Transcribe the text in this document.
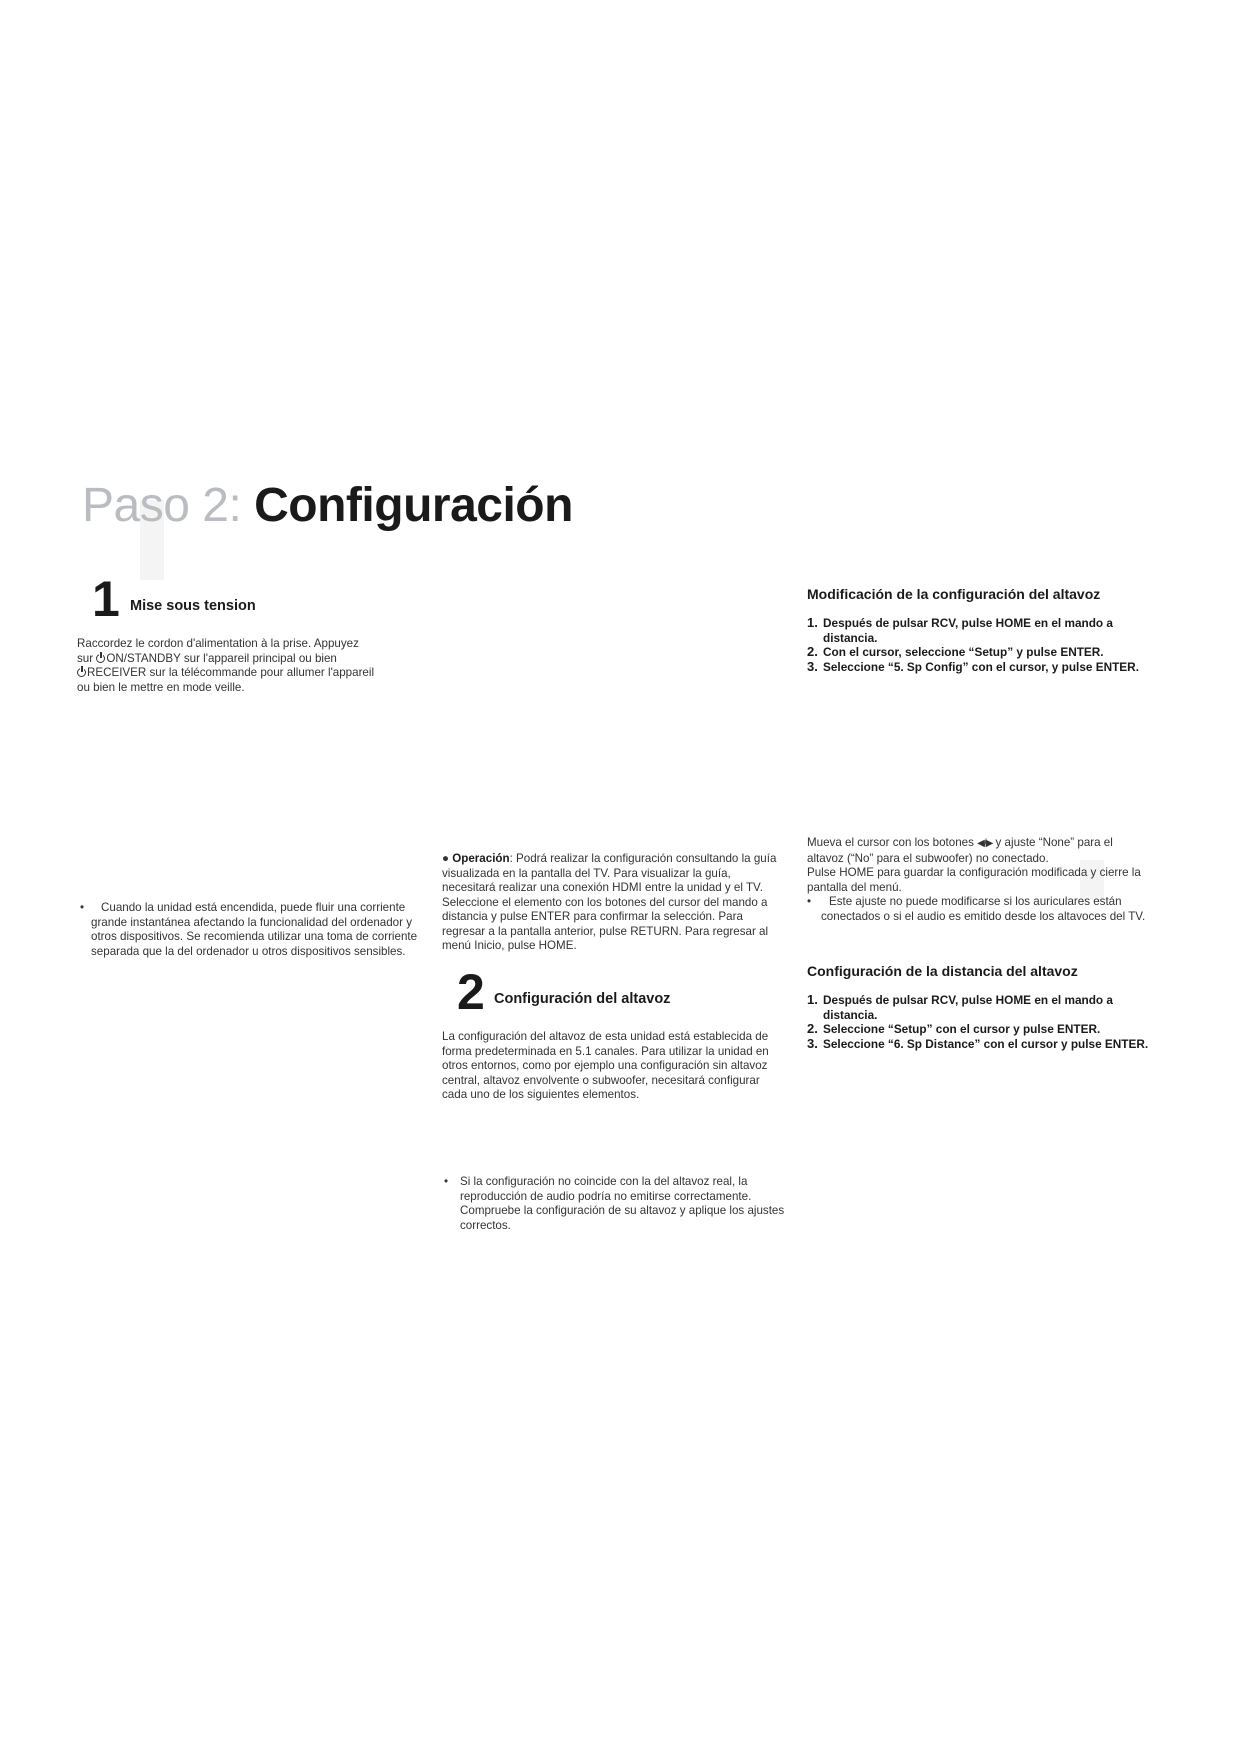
Paso 2: Configuración
1 Mise sous tension

Raccordez le cordon d'alimentation à la prise. Appuyez

sur ON/STANDBY sur l'appareil principal ou bien

RECEIVER sur la télécommande pour allumer l'appareil

ou bien le mettre en mode veille.

•	Cuando la unidad está encendida, puede fluir una corriente grande instantánea afectando la funcionalidad del ordenador y otros dispositivos. Se recomienda utilizar una toma de corriente separada que la del ordenador u otros dispositivos sensibles.
● Operación: Podrá realizar la configuración consultando la guía visualizada en la pantalla del TV. Para visualizar la guía, necesitará realizar una conexión HDMI entre la unidad y el TV. Seleccione el elemento con los botones del cursor del mando a distancia y pulse ENTER para confirmar la selección. Para regresar a la pantalla anterior, pulse RETURN. Para regresar al menú Inicio, pulse HOME.
2 Configuración del altavoz
La configuración del altavoz de esta unidad está establecida de forma predeterminada en 5.1 canales. Para utilizar la unidad en otros entornos, como por ejemplo una configuración sin altavoz central, altavoz envolvente o subwoofer, necesitará configurar cada uno de los siguientes elementos.
• Si la configuración no coincide con la del altavoz real, la reproducción de audio podría no emitirse correctamente. Compruebe la configuración de su altavoz y aplique los ajustes correctos.
Modificación de la configuración del altavoz
1. Después de pulsar RCV, pulse HOME en el mando a distancia.
2. Con el cursor, seleccione “Setup” y pulse ENTER.
3. Seleccione “5. Sp Config” con el cursor, y pulse ENTER.

Mueva el cursor con los botones ◀/▶ y ajuste “None” para el altavoz (“No” para el subwoofer) no conectado.

Pulse HOME para guardar la configuración modificada y cierre la pantalla del menú.

•	Este ajuste no puede modificarse si los auriculares están conectados o si el audio es emitido desde los altavoces del TV.
Configuración de la distancia del altavoz
1. Después de pulsar RCV, pulse HOME en el mando a distancia.
2. Seleccione “Setup” con el cursor y pulse ENTER.
3. Seleccione “6. Sp Distance” con el cursor y pulse ENTER.
